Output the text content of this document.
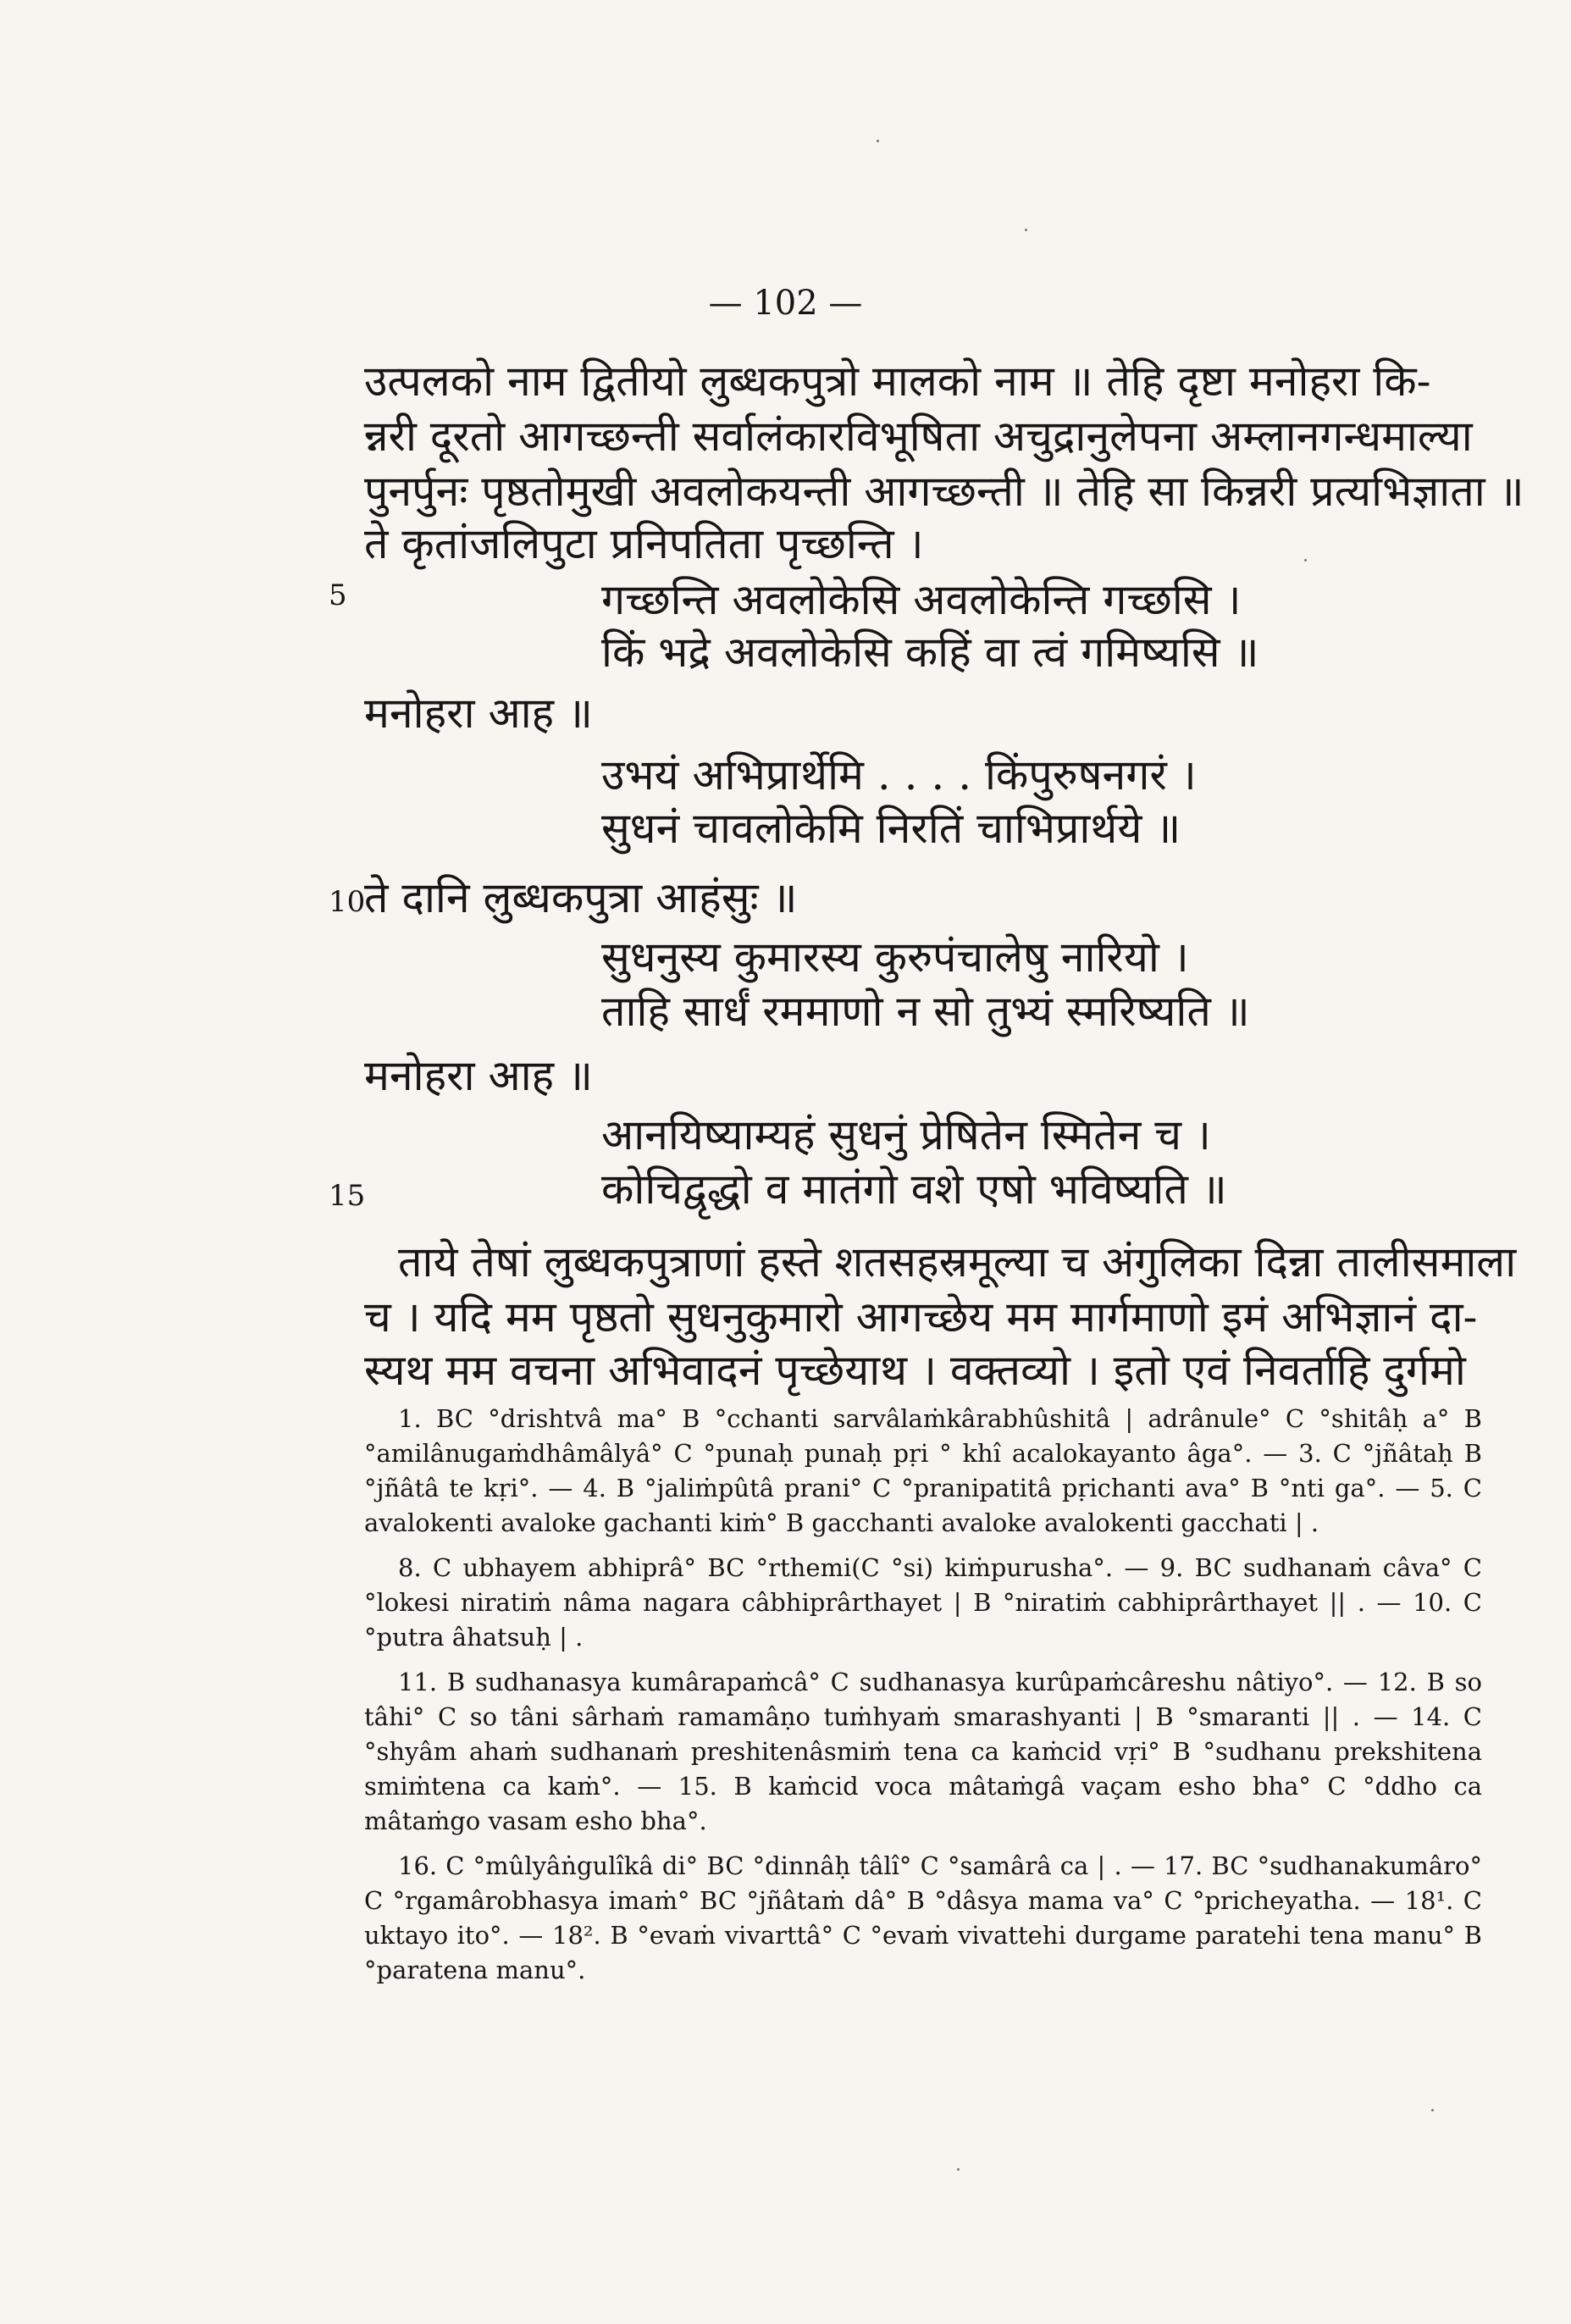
— 102 —
उत्पलको नाम द्वितीयो लुब्धकपुत्रो मालको नाम ॥ तेहि दृष्टा मनोहरा कि-
न्नरी दूरतो आगच्छन्ती सर्वालंकारविभूषिता अचुद्रानुलेपना अम्लानगन्धमाल्या
पुनर्पुनः पृष्ठतोमुखी अवलोकयन्ती आगच्छन्ती ॥ तेहि सा किन्नरी प्रत्यभिज्ञाता ॥
ते कृतांजलिपुटा प्रनिपतिता पृच्छन्ति ।
5	गच्छन्ति अवलोकेसि अवलोकेन्ति गच्छसि ।
किं भद्रे अवलोकेसि कहिं वा त्वं गमिष्यसि ॥
मनोहरा आह ॥
उभयं अभिप्रार्थेमि . . . . किंपुरुषनगरं ।
सुधनं चावलोकेमि निरतिं चाभिप्रार्थये ॥
10
ते दानि लुब्धकपुत्रा आहंसुः ॥
सुधनुस्य कुमारस्य कुरुपंचालेषु नारियो ।
ताहि सार्धं रममाणो न सो तुभ्यं स्मरिष्यति ॥
मनोहरा आह ॥
आनयिष्याम्यहं सुधनुं प्रेषितेन स्मितेन च ।
15	कोचिद्वृद्धो व मातंगो वशे एषो भविष्यति ॥
ताये तेषां लुब्धकपुत्राणां हस्ते शतसहस्रमूल्या च अंगुलिका दिन्ना तालीसमाला
च । यदि मम पृष्ठतो सुधनुकुमारो आगच्छेय मम मार्गमाणो इमं अभिज्ञानं दा-
स्यथ मम वचना अभिवादनं पृच्छेयाथ । वक्तव्यो । इतो एवं निवर्ताहि दुर्गमो

1. BC °drishtvâ ma° B °cchanti sarvâlaṁkârabhûshitâ | adrânule° C °shitâḥ a° B °amilânugaṁdhâmâlyâ° C °punaḥ punaḥ pṛi ° khî acalokayanto âga°. — 3. C °jñâtaḥ B °jñâtâ te kṛi°. — 4. B °jaliṁpûtâ prani° C °pranipatitâ pṛichanti ava° B °nti ga°. — 5. C avalokenti avaloke gachanti kiṁ° B gacchanti avaloke avalokenti gacchati | .

8. C ubhayem abhiprâ° BC °rthemi(C °si) kiṁpurusha°. — 9. BC sudhanaṁ câva° C °lokesi niratiṁ nâma nagara câbhiprârthayet | B °niratiṁ cabhiprârthayet || . — 10. C °putra âhatsuḥ | .

11. B sudhanasya kumârapaṁcâ° C sudhanasya kurûpaṁcâreshu nâtiyo°. — 12. B so tâhi° C so tâni sârhaṁ ramamâṇo tuṁhyaṁ smarashyanti | B °smaranti || . — 14. C °shyâm ahaṁ sudhanaṁ preshitenâsmiṁ tena ca kaṁcid vṛi° B °sudhanu prekshitena smiṁtena ca kaṁ°. — 15. B kaṁcid voca mâtaṁgâ vaçam esho bha° C °ddho ca mâtaṁgo vasam esho bha°.

16. C °mûlyâṅgulîkâ di° BC °dinnâḥ tâlî° C °samârâ ca | . — 17. BC °sudhanakumâro° C °rgamârobhasya imaṁ° BC °jñâtaṁ dâ° B °dâsya mama va° C °pricheyatha. — 18¹. C uktayo ito°. — 18². B °evaṁ vivarttâ° C °evaṁ vivattehi durgame paratehi tena manu° B °paratena manu°.
